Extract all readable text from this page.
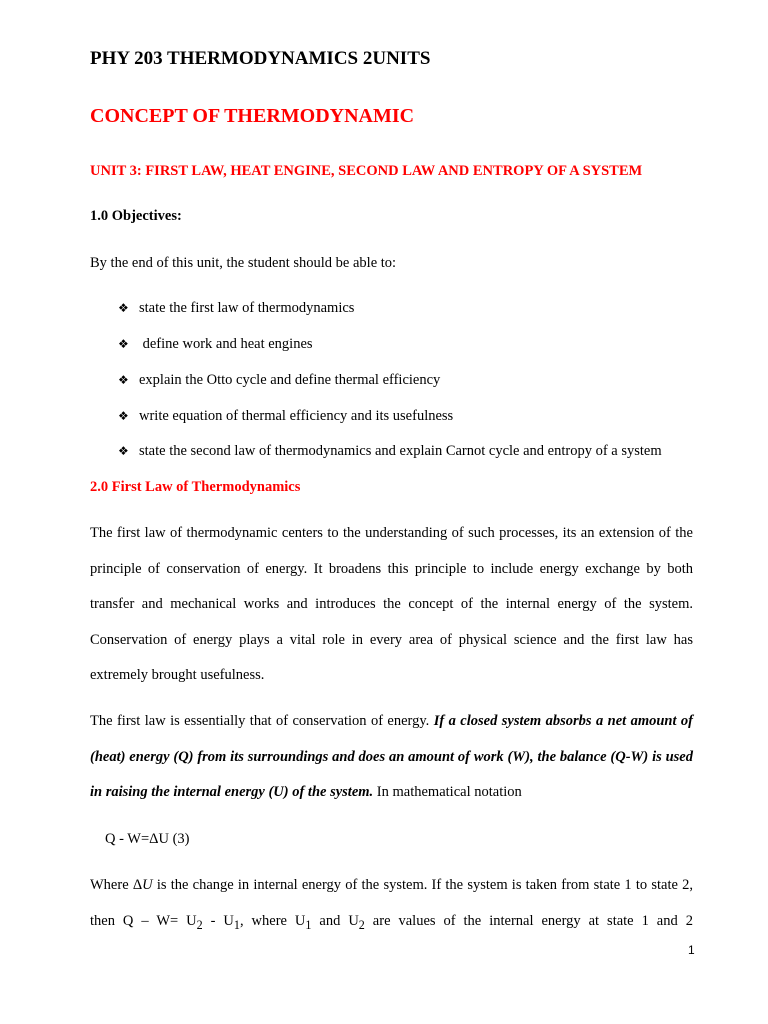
PHY 203 THERMODYNAMICS 2UNITS
CONCEPT OF THERMODYNAMIC
UNIT 3: FIRST LAW, HEAT ENGINE, SECOND LAW AND ENTROPY OF A SYSTEM
1.0 Objectives:
By the end of this unit, the student should be able to:
❖ state the first law of thermodynamics
❖ define work and heat engines
❖ explain the Otto cycle and define thermal efficiency
❖ write equation of thermal efficiency and its usefulness
❖ state the second law of thermodynamics and explain Carnot cycle and entropy of a system
2.0 First Law of Thermodynamics
The first law of thermodynamic centers to the understanding of such processes, its an extension of the principle of conservation of energy. It broadens this principle to include energy exchange by both transfer and mechanical works and introduces the concept of the internal energy of the system. Conservation of energy plays a vital role in every area of physical science and the first law has extremely brought usefulness.
The first law is essentially that of conservation of energy. If a closed system absorbs a net amount of (heat) energy (Q) from its surroundings and does an amount of work (W), the balance (Q-W) is used in raising the internal energy (U) of the system. In mathematical notation
Q - W=ΔU (3)
Where ΔU is the change in internal energy of the system. If the system is taken from state 1 to state 2, then $Q - W= U_2 - U_1$, where $U_1$ and $U_2$ are values of the internal energy at state 1 and 2
1
